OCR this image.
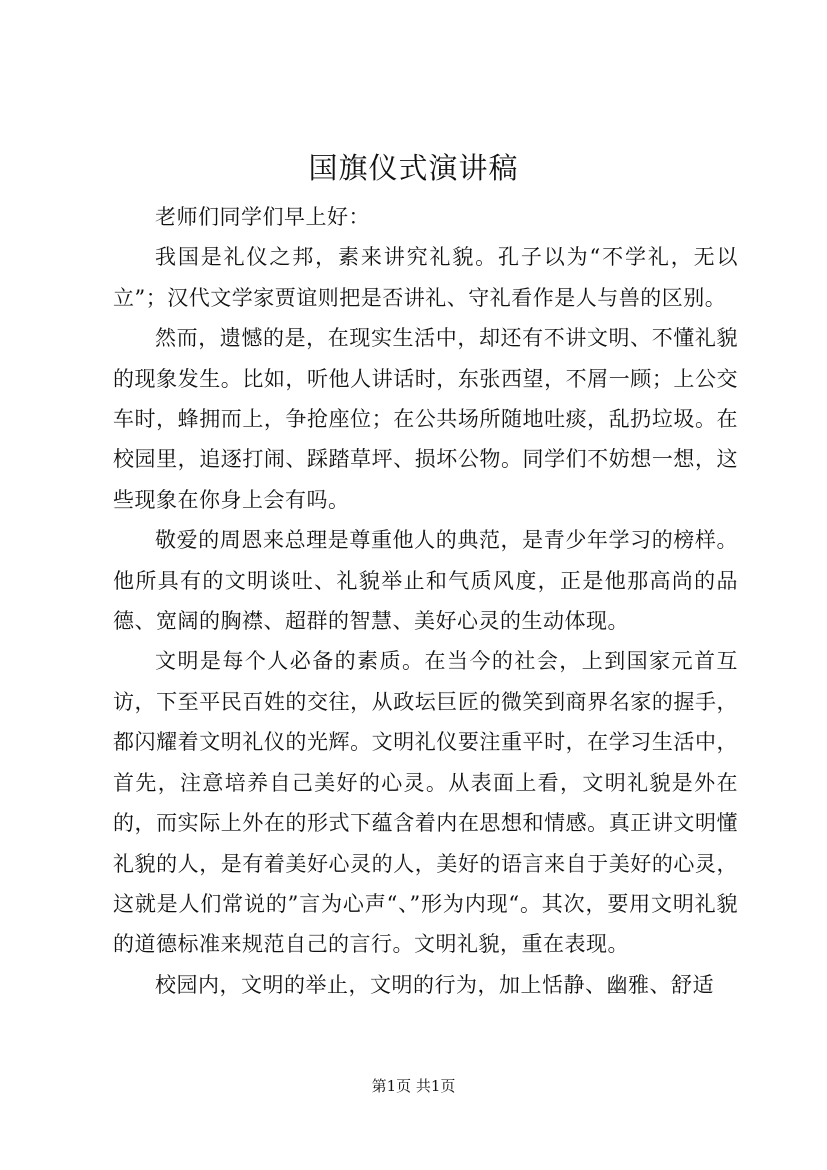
国旗仪式演讲稿

老师们同学们早上好：

我国是礼仪之邦，素来讲究礼貌。孔子以为“不学礼，无以立”；汉代文学家贾谊则把是否讲礼、守礼看作是人与兽的区别。

然而，遗憾的是，在现实生活中，却还有不讲文明、不懂礼貌的现象发生。比如，听他人讲话时，东张西望，不屑一顾；上公交车时，蜂拥而上，争抢座位；在公共场所随地吐痰，乱扔垃圾。在校园里，追逐打闹、踩踏草坪、损坏公物。同学们不妨想一想，这些现象在你身上会有吗。

敬爱的周恩来总理是尊重他人的典范，是青少年学习的榜样。他所具有的文明谈吐、礼貌举止和气质风度，正是他那高尚的品德、宽阔的胸襟、超群的智慧、美好心灵的生动体现。

文明是每个人必备的素质。在当今的社会，上到国家元首互访，下至平民百姓的交往，从政坛巨匠的微笑到商界名家的握手，都闪耀着文明礼仪的光辉。文明礼仪要注重平时，在学习生活中，首先，注意培养自己美好的心灵。从表面上看，文明礼貌是外在的，而实际上外在的形式下蕴含着内在思想和情感。真正讲文明懂礼貌的人，是有着美好心灵的人，美好的语言来自于美好的心灵，这就是人们常说的”言为心声“、”形为内现“。其次，要用文明礼貌的道德标准来规范自己的言行。文明礼貌，重在表现。

校园内，文明的举止，文明的行为，加上恬静、幽雅、舒适

第1页 共1页
